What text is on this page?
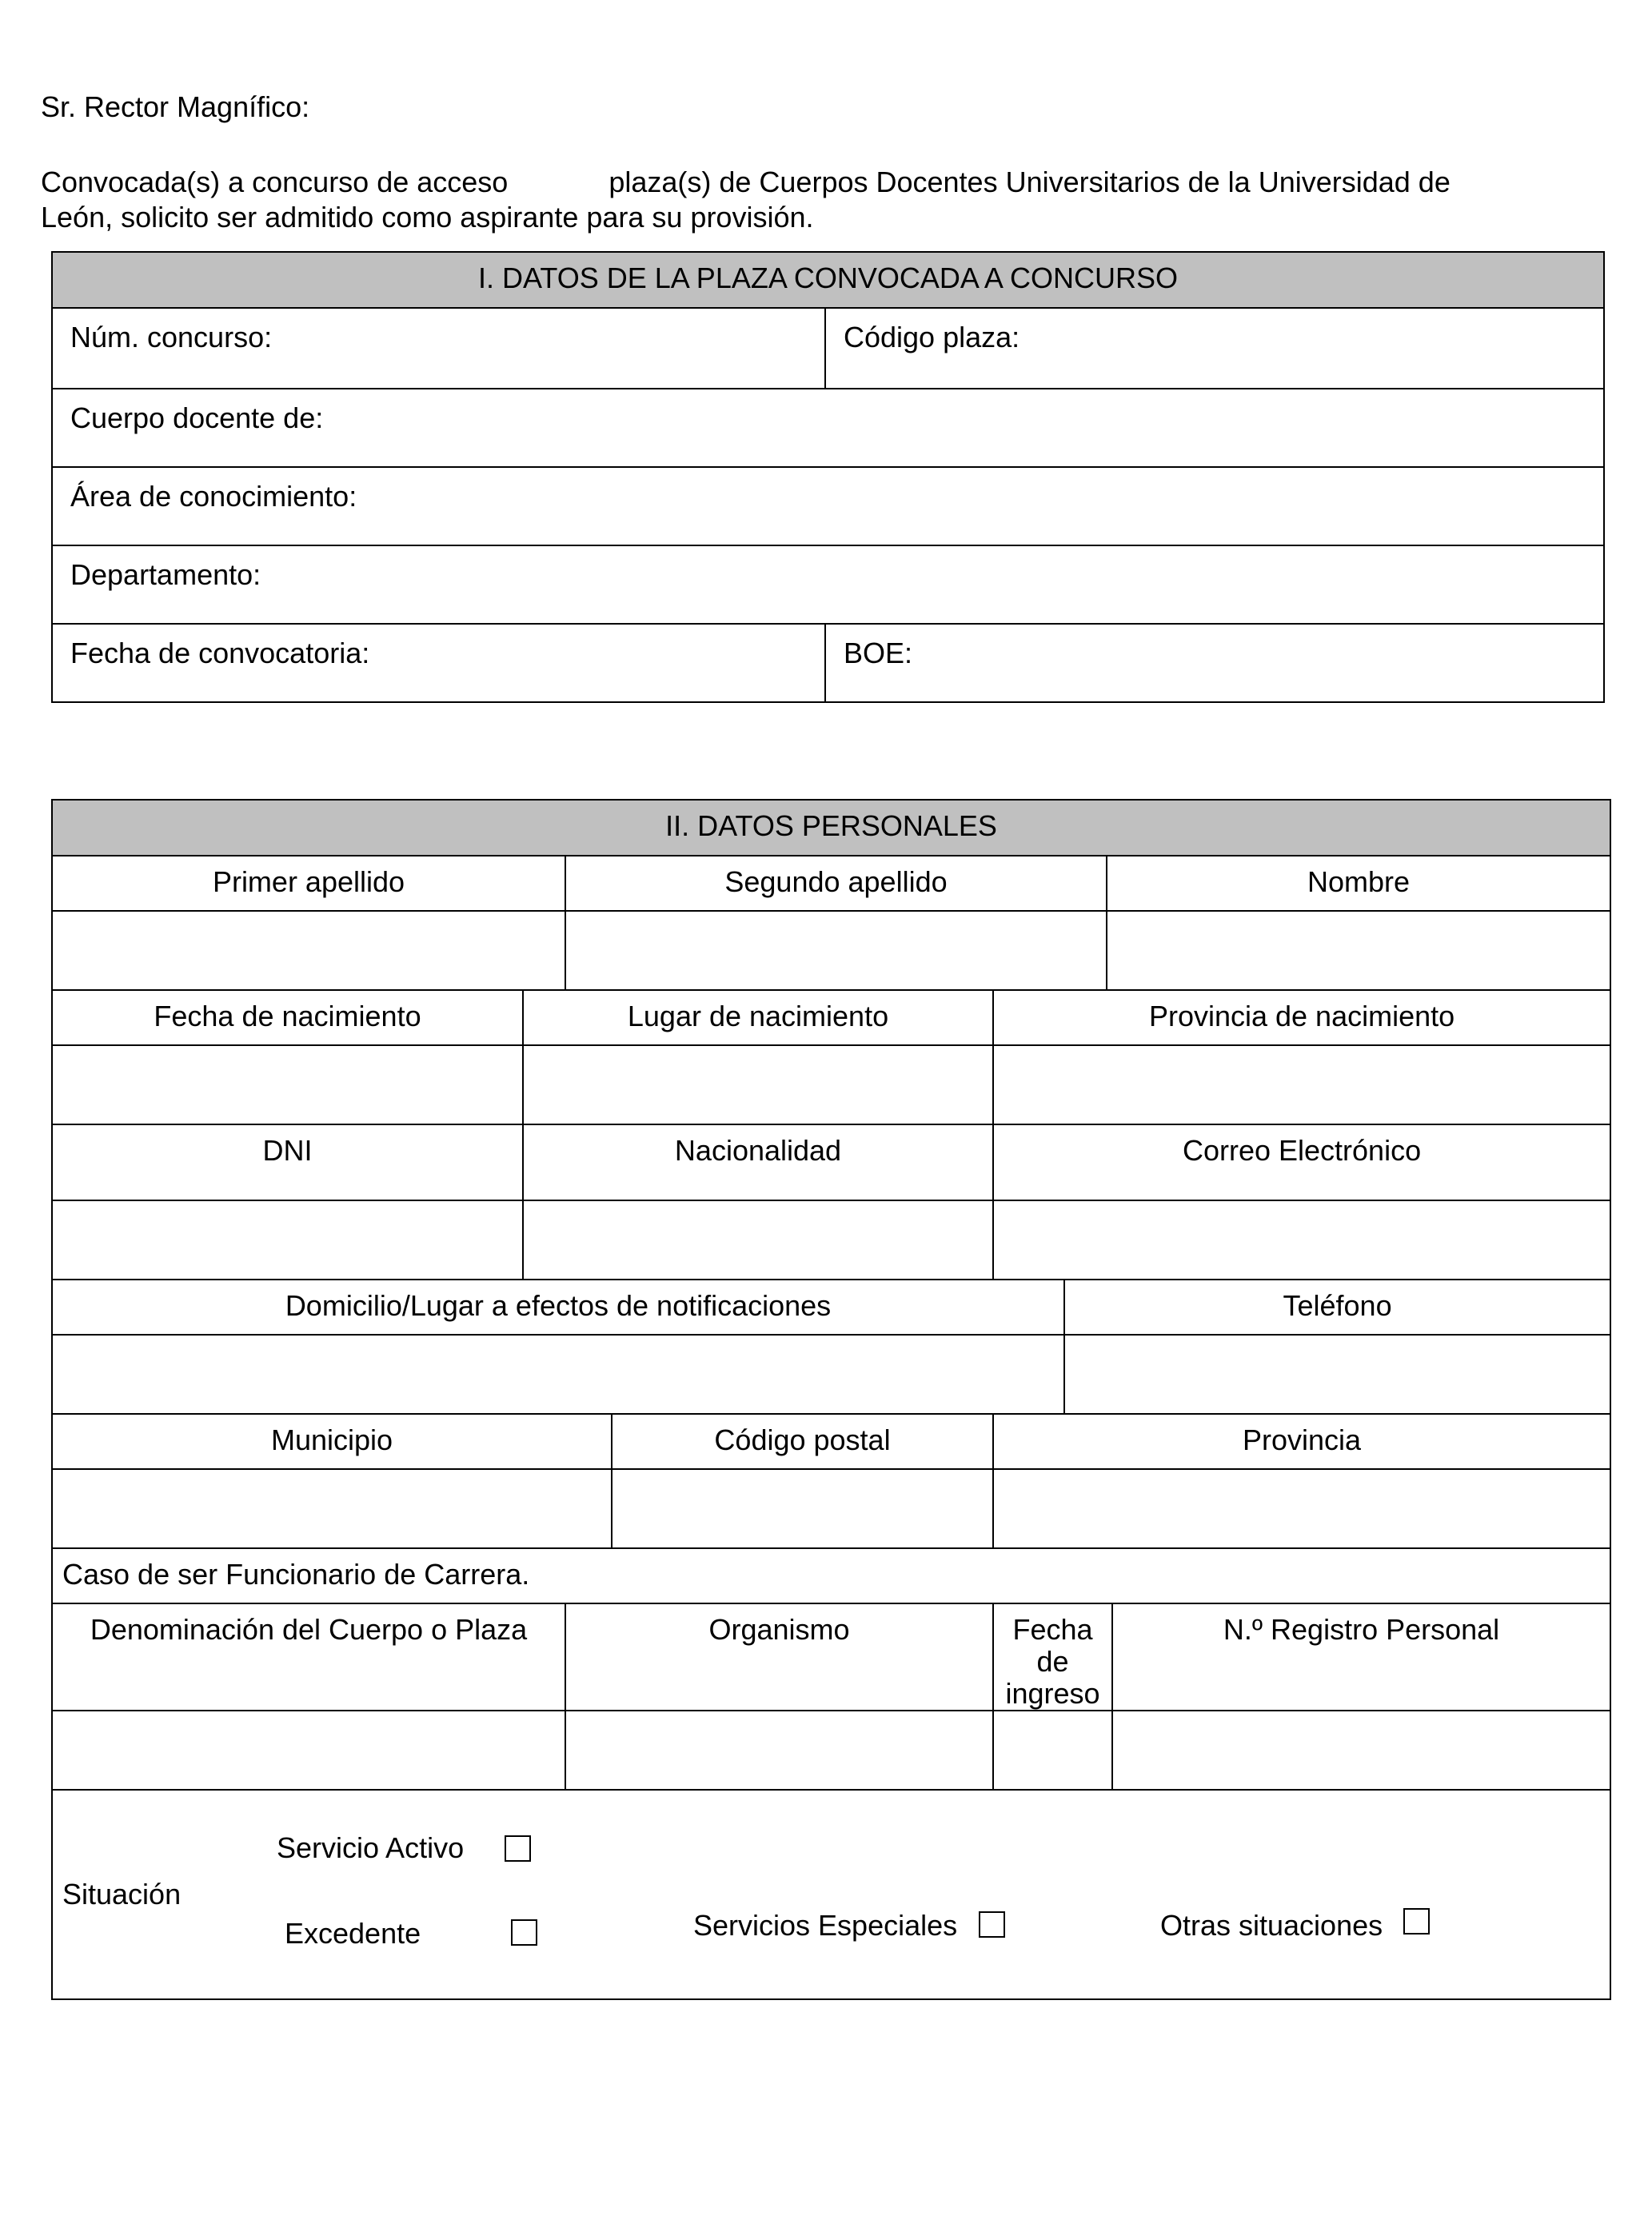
Sr. Rector Magnífico:
Convocada(s) a concurso de acceso	plaza(s) de Cuerpos Docentes Universitarios de la Universidad de
León, solicito ser admitido como aspirante para su provisión.
I. DATOS DE LA PLAZA CONVOCADA A CONCURSO	
Núm. concurso:	Código plaza:
Cuerpo docente de:	
Área de conocimiento:	
Departamento:	
Fecha de convocatoria:	BOE:
II. DATOS PERSONALES							
Primer apellido		Segundo apellido				Nombre	

Fecha de nacimiento	Lugar de nacimiento			Provincia de nacimiento			

DNI	Nacionalidad			Correo Electrónico			

Domicilio/Lugar a efectos de notificaciones					Teléfono		

Municipio			Código postal	Provincia			

Caso de ser Funcionario de Carrera.							
Denominación del Cuerpo o Plaza		Organismo		Fecha de ingreso			N.º Registro Personal

Situación
Servicio Activo
Excedente Servicios Especiales Otras situaciones							
